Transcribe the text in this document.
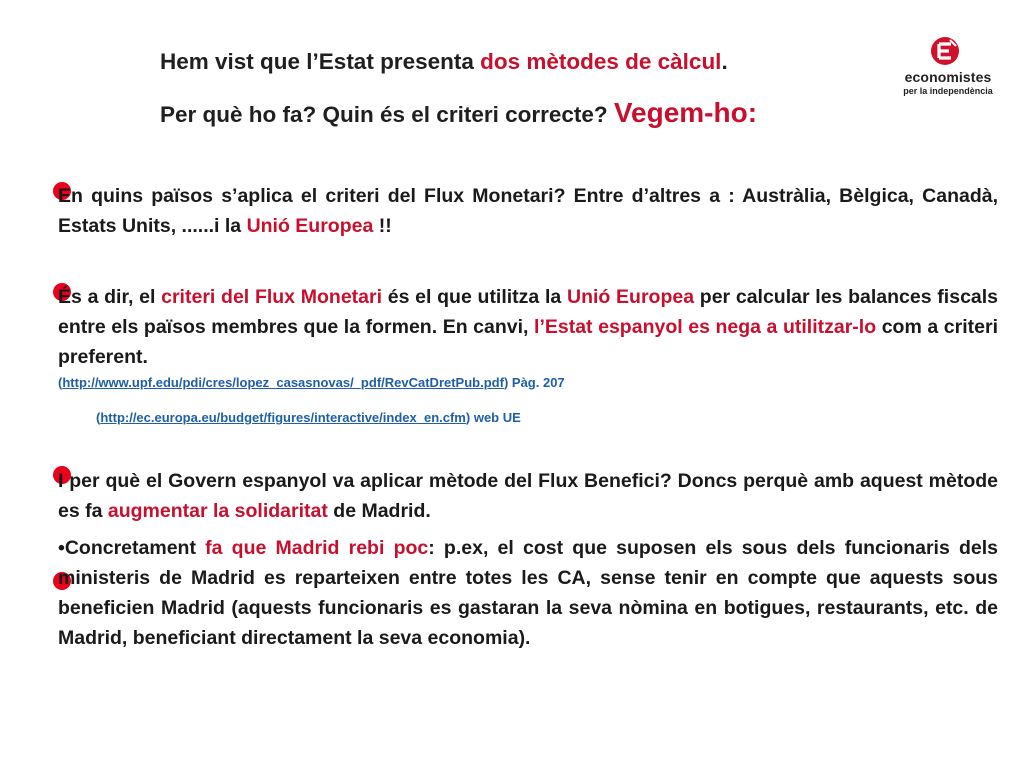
Hem vist que l’Estat presenta dos mètodes de càlcul.
Per què ho fa? Quin és el criteri correcte? Vegem-ho:
economistes
per la independència
En quins països s’aplica el criteri del Flux Monetari? Entre d’altres a : Austràlia, Bèlgica, Canadà, Estats Units, ......i la Unió Europea !!
És a dir, el criteri del Flux Monetari és el que utilitza la Unió Europea per calcular les balances fiscals entre els països membres que la formen. En canvi, l’Estat espanyol es nega a utilitzar-lo com a criteri preferent.
(http://www.upf.edu/pdi/cres/lopez_casasnovas/_pdf/RevCatDretPub.pdf) Pàg. 207
(http://ec.europa.eu/budget/figures/interactive/index_en.cfm) web UE
I per què el Govern espanyol va aplicar mètode del Flux Benefici? Doncs perquè amb aquest mètode es fa augmentar la solidaritat de Madrid.
•Concretament fa que Madrid rebi poc: p.ex, el cost que suposen els sous dels funcionaris dels ministeris de Madrid es reparteixen entre totes les CA, sense tenir en compte que aquests sous beneficien Madrid (aquests funcionaris es gastaran la seva nòmina en botigues, restaurants, etc. de Madrid, beneficiant directament la seva economia).
